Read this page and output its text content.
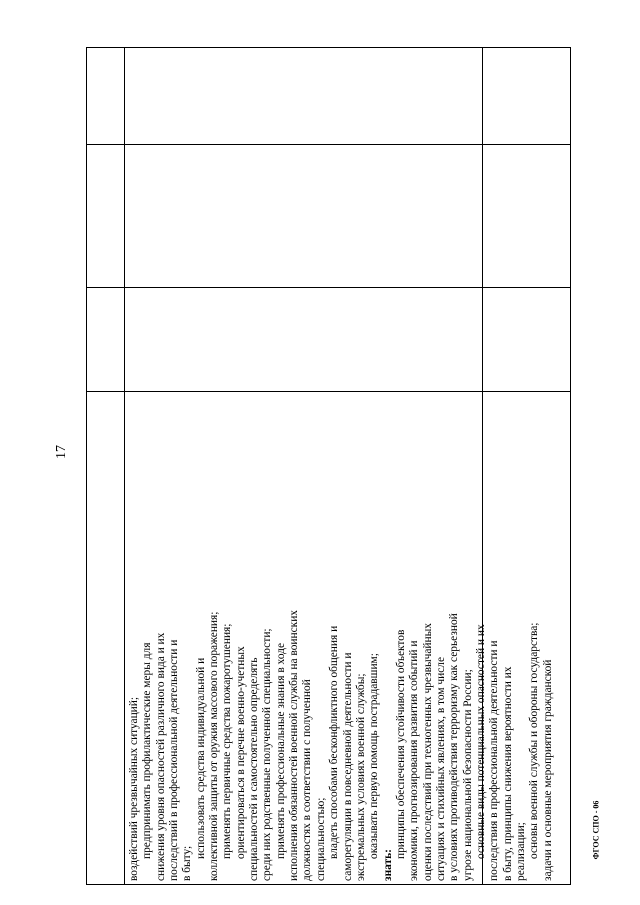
17
воздействий чрезвычайных ситуаций; предпринимать профилактические меры для снижения уровня опасностей различного вида и их последствий в профессиональной деятельности и в быту;
использовать средства индивидуальной и коллективной защиты от оружия массового поражения; применять первичные средства пожаротушения; ориентироваться в перечне военно-учетных специальностей и самостоятельно определять среди них родственные полученной специальности; применять профессиональные знания в ходе исполнения обязанностей военной службы на воинских должностях в соответствии с полученной специальностью; владеть способами бесконфликтного общения и саморегуляции в повседневной деятельности и экстремальных условиях военной службы; оказывать первую помощь пострадавшим;
знать:
принципы обеспечения устойчивости объектов экономики, прогнозирования развития событий и оценки последствий при техногенных чрезвычайных ситуациях и стихийных явлениях, в том числе в условиях противодействия терроризму как серьезной угрозе национальной безопасности России; основные виды потенциальных опасностей и их последствия в профессиональной деятельности и в быту, принципы снижения вероятности их реализации; основы военной службы и обороны государства; задачи и основные мероприятия гражданской	ФГОС СПО - 06
